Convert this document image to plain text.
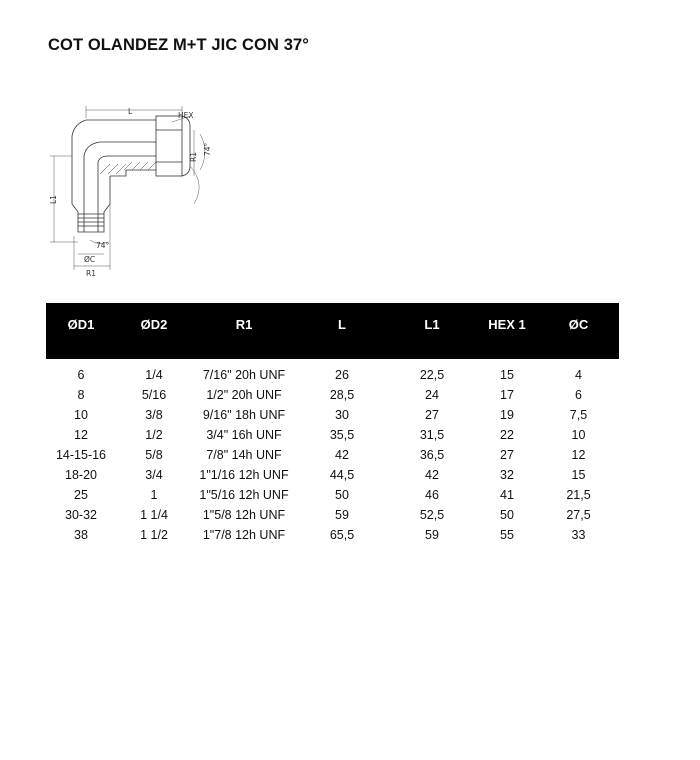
COT OLANDEZ M+T JIC CON 37°
L	HEX
R1
74°
L1
74°
ØC
R1
ØD1	ØD2	R1	L	L1	HEX 1	ØC
6	1/4	7/16" 20h UNF	26	22,5	15	4
8	5/16	1/2" 20h UNF	28,5	24	17	6
10	3/8	9/16" 18h UNF	30	27	19	7,5
12	1/2	3/4" 16h UNF	35,5	31,5	22	10
14-15-16	5/8	7/8" 14h UNF	42	36,5	27	12
18-20	3/4	1"1/16 12h UNF	44,5	42	32	15
25	1	1"5/16 12h UNF	50	46	41	21,5
30-32	1 1/4	1"5/8 12h UNF	59	52,5	50	27,5
38	1 1/2	1"7/8 12h UNF	65,5	59	55	33
